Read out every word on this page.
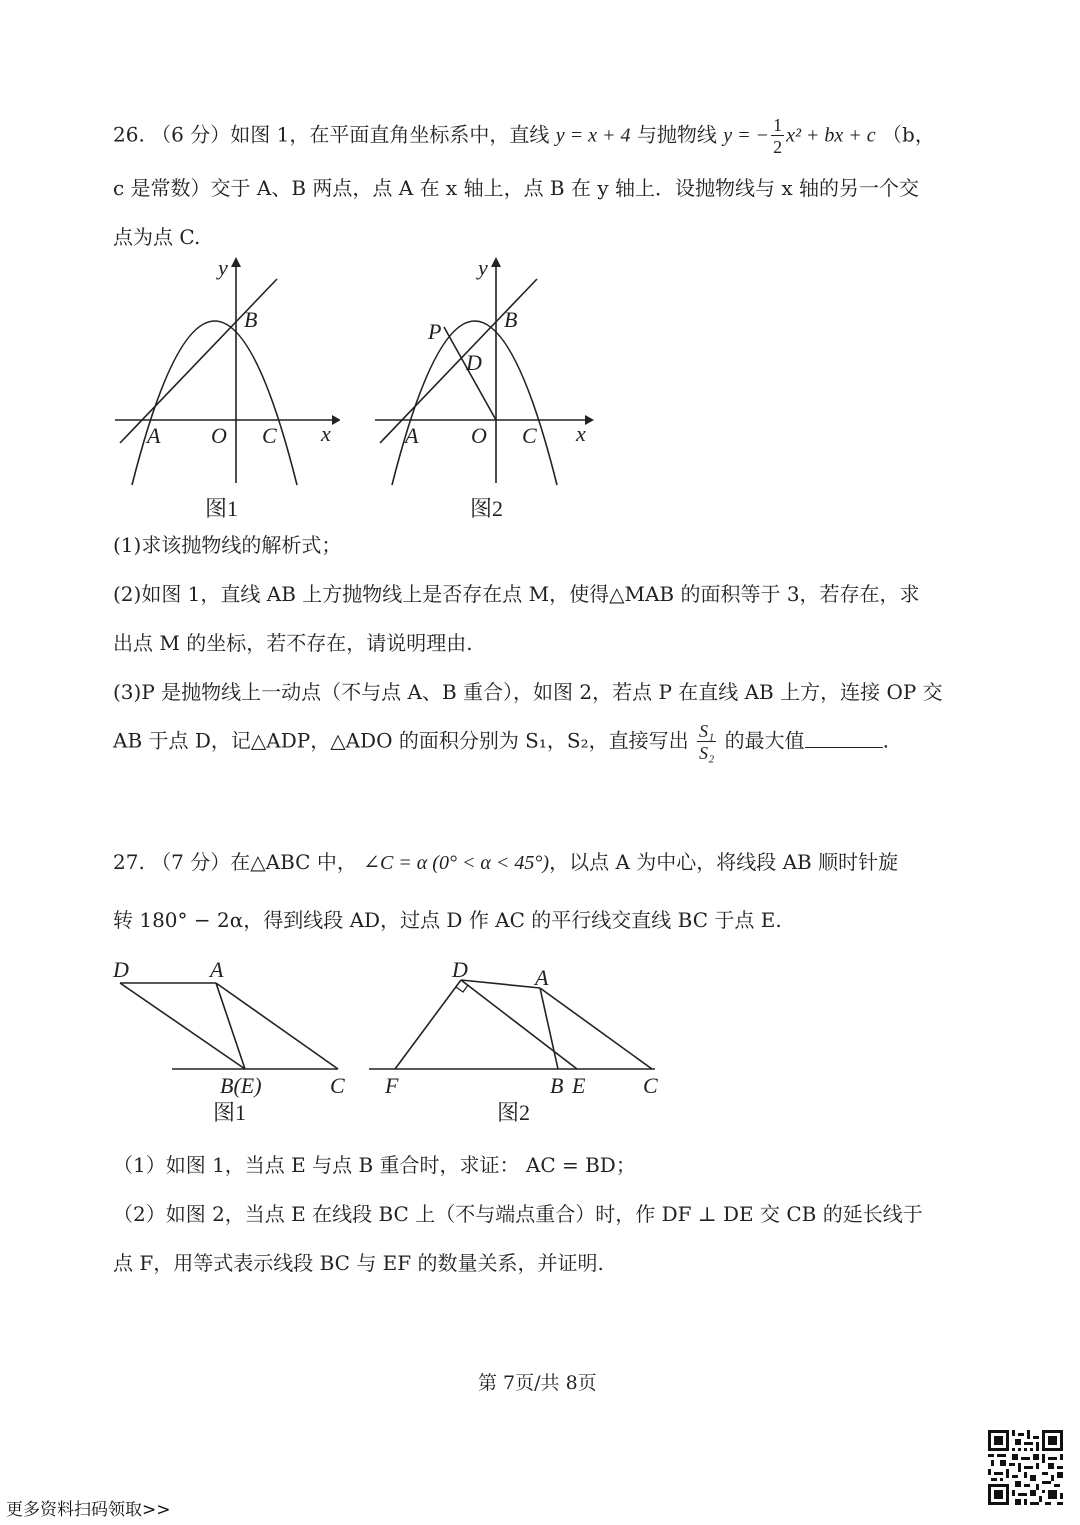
26. （6 分）如图 1，在平面直角坐标系中，直线 y = x + 4 与抛物线 y = − $\frac{1}{2} x^2$ + bx + c （b，
c 是常数）交于 A、B 两点，点 A 在 x 轴上，点 B 在 y 轴上．设抛物线与 x 轴的另一个交
点为点 C.
y
x
A O C
B
图1
y
x
A O C
B
P
D
图2
(1)求该抛物线的解析式；
(2)如图 1，直线 AB 上方抛物线上是否存在点 M，使得△MAB 的面积等于 3，若存在，求
出点 M 的坐标，若不存在，请说明理由.
(3)P 是抛物线上一动点（不与点 A、B 重合），如图 2，若点 P 在直线 AB 上方，连接 OP 交
AB 于点 D，记△ADP，△ADO 的面积分别为 S₁，S₂，直接写出 $\frac{\text{S₁}}{\text{S₂}}$ 的最大值	.
27. （7 分）在△ABC 中， ∠C = α (0° < α < 45°)，以点 A 为中心，将线段 AB 顺时针旋
转 180° − 2α，得到线段 AD，过点 D 作 AC 的平行线交直线 BC 于点 E.
D	A
B(E)	C
图1
D	A
F	B E	C
图2
（1）如图 1，当点 E 与点 B 重合时，求证： AC = BD；
（2）如图 2，当点 E 在线段 BC 上（不与端点重合）时，作 DF ⊥ DE 交 CB 的延长线于
点 F，用等式表示线段 BC 与 EF 的数量关系，并证明.
第 7页/共 8页
更多资料扫码领取>>
